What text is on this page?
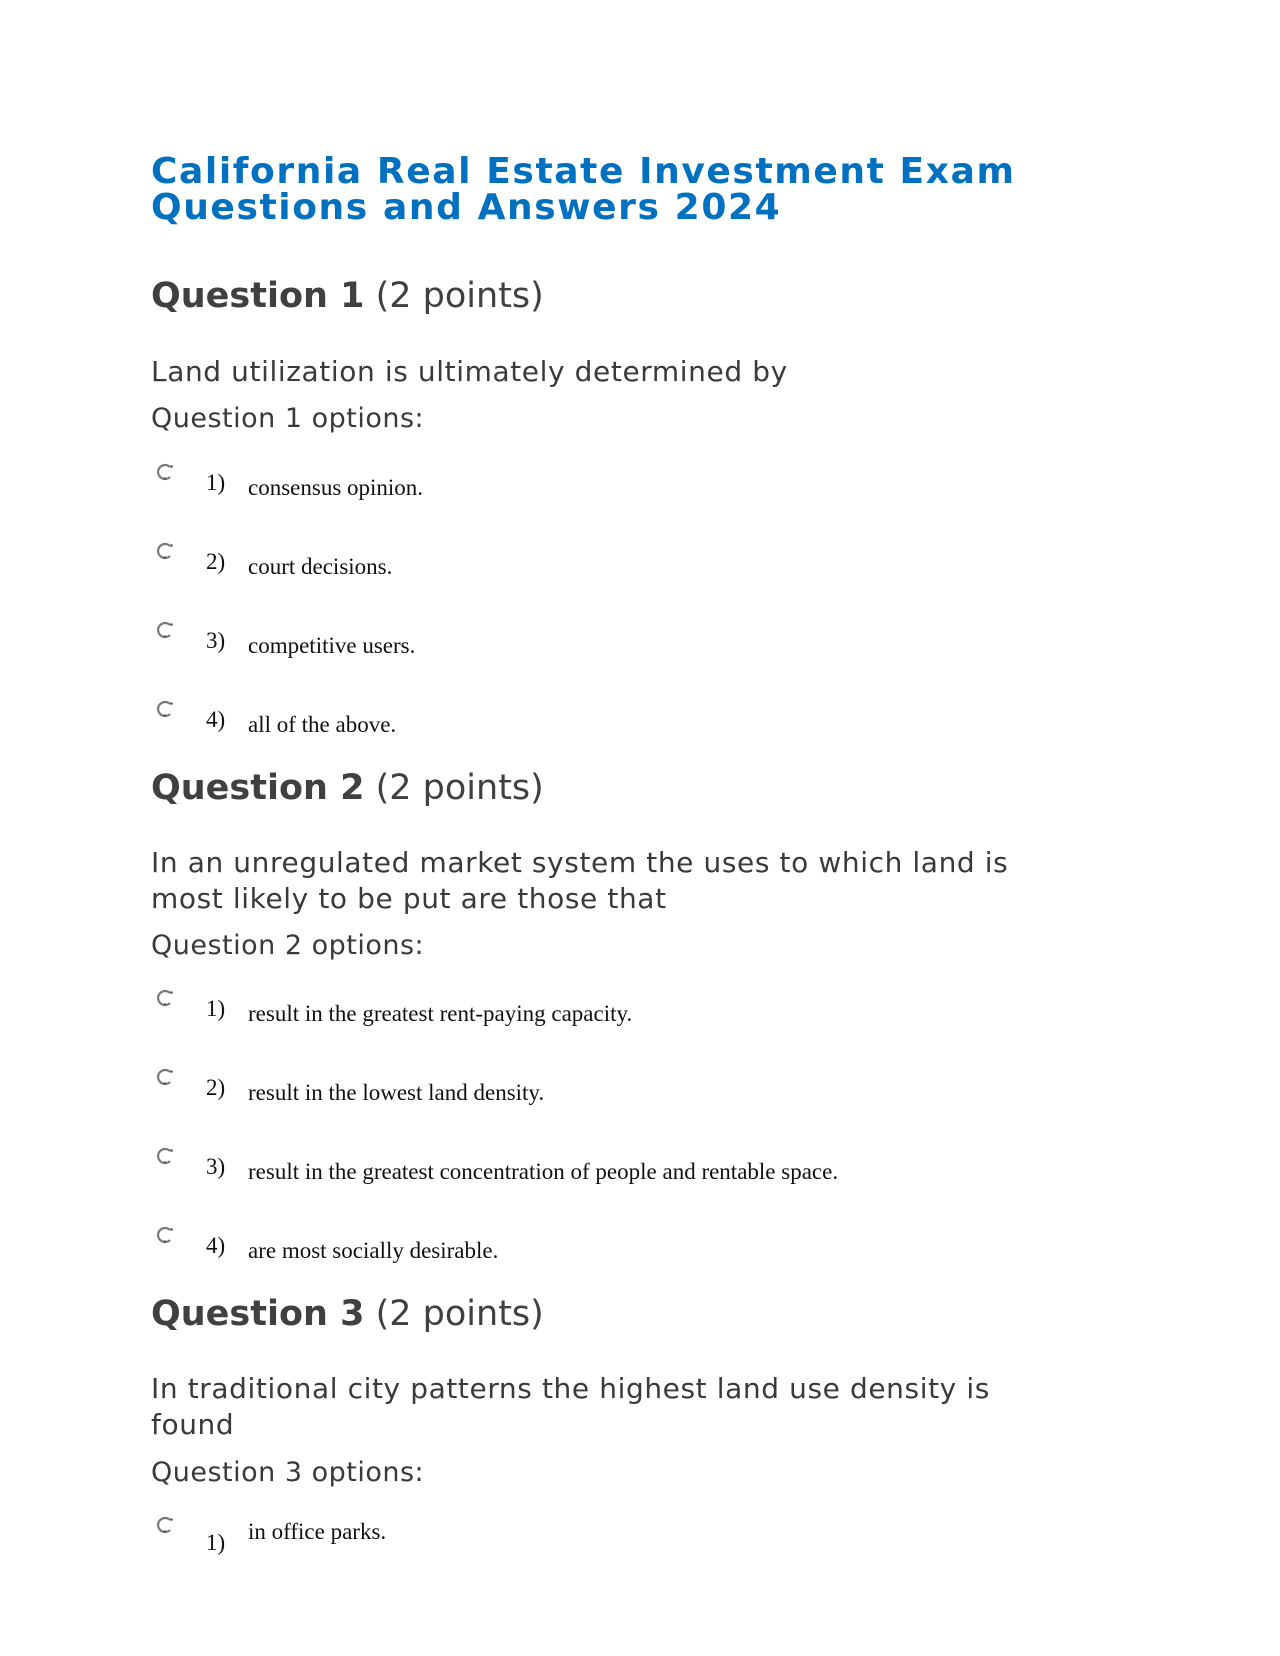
California Real Estate Investment Exam
Questions and Answers 2024
Question 1 (2 points)

Land utilization is ultimately determined by

Question 1 options:

1) consensus opinion.
2) court decisions.
3) competitive users.
4) all of the above.
Question 2 (2 points)

In an unregulated market system the uses to which land is most likely to be put are those that

Question 2 options:

1) result in the greatest rent-paying capacity.
2) result in the lowest land density.
3) result in the greatest concentration of people and rentable space.
4) are most socially desirable.
Question 3 (2 points)

In traditional city patterns the highest land use density is found

Question 3 options:

1) in office parks.
